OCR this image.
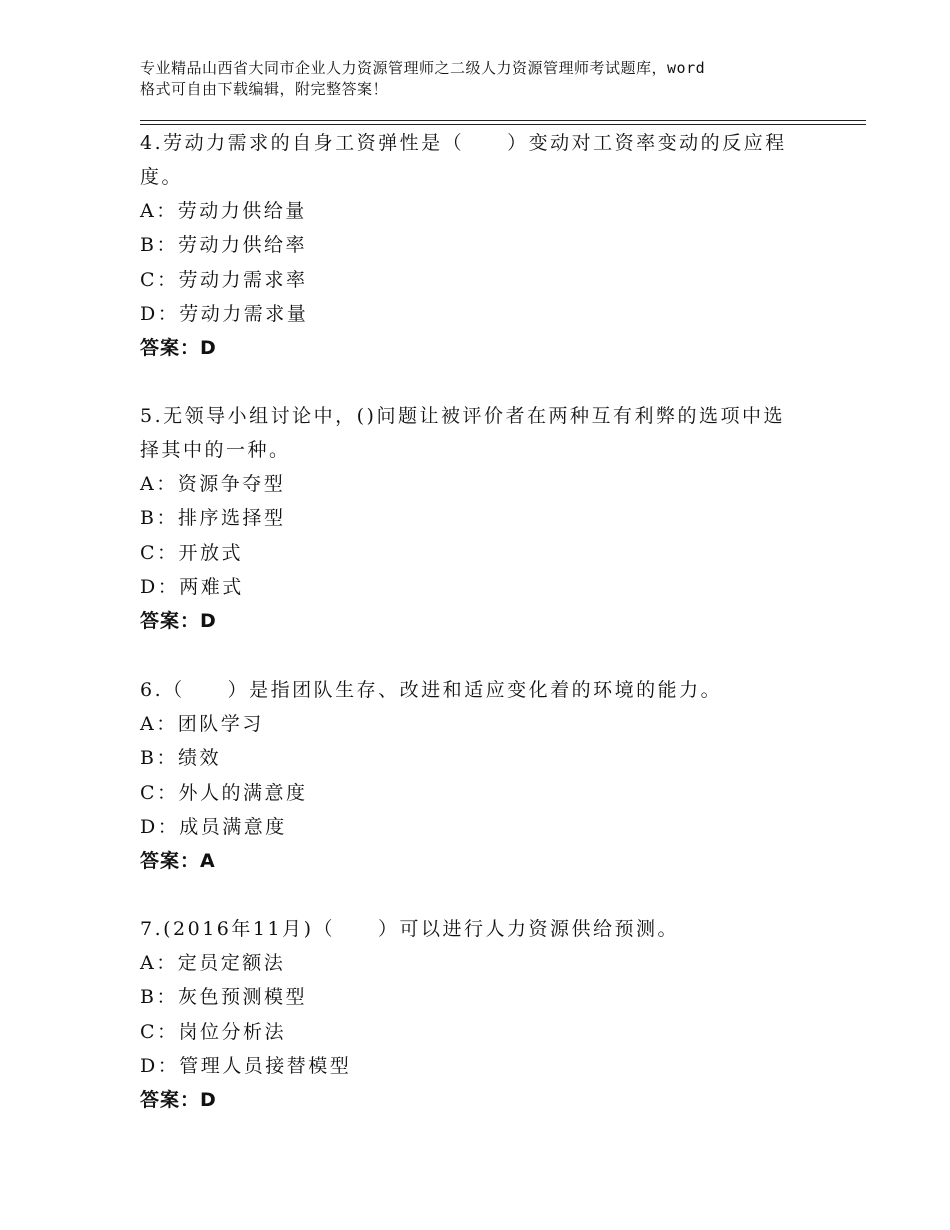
专业精品山西省大同市企业人力资源管理师之二级人力资源管理师考试题库，word
格式可自由下载编辑，附完整答案！

4.劳动力需求的自身工资弹性是（　　）变动对工资率变动的反应程

度。

A：劳动力供给量

B：劳动力供给率

C：劳动力需求率

D：劳动力需求量

答案：D

5.无领导小组讨论中，()问题让被评价者在两种互有利弊的选项中选

择其中的一种。

A：资源争夺型

B：排序选择型

C：开放式

D：两难式

答案：D

6.（　　）是指团队生存、改进和适应变化着的环境的能力。

A：团队学习

B：绩效

C：外人的满意度

D：成员满意度

答案：A

7.(2016年11月)（　　）可以进行人力资源供给预测。

A：定员定额法

B：灰色预测模型

C：岗位分析法

D：管理人员接替模型

答案：D
